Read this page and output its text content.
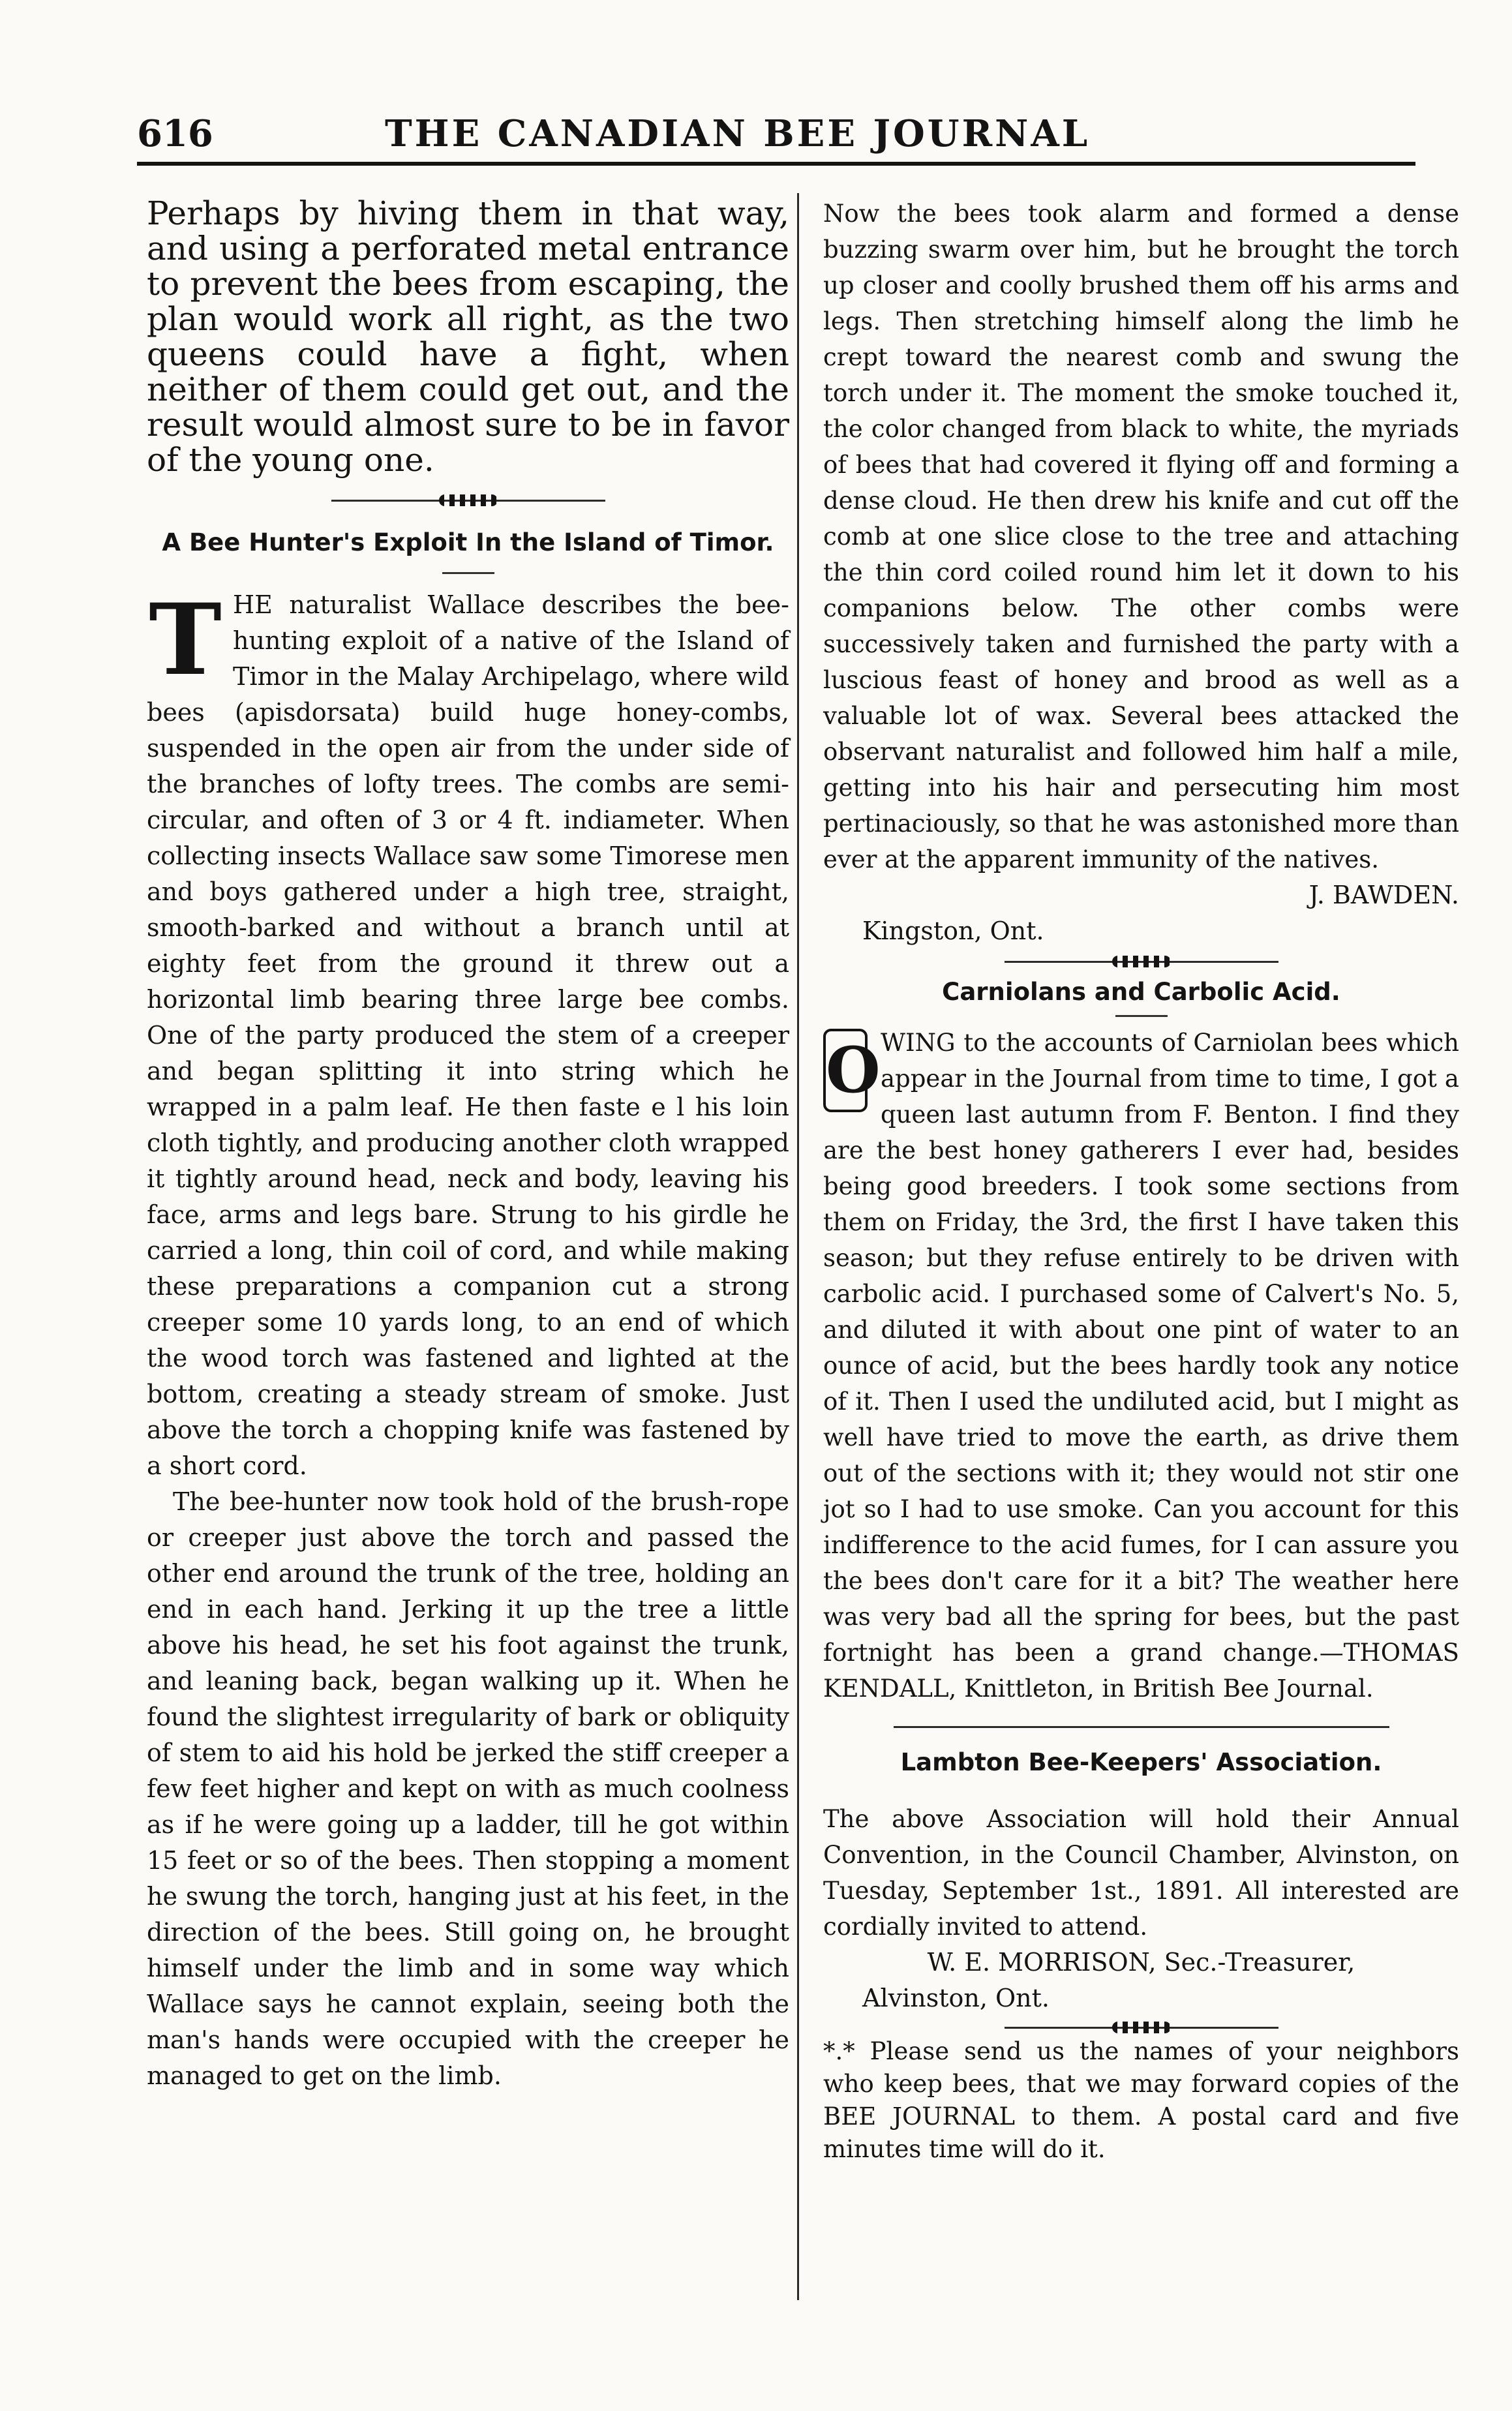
616	THE CANADIAN BEE JOURNAL

Perhaps by hiving them in that way, and using a perforated metal entrance to prevent the bees from escaping, the plan would work all right, as the two queens could have a fight, when neither of them could get out, and the result would almost sure to be in favor of the young one.

A Bee Hunter's Exploit In the Island of Timor.

T HE naturalist Wallace describes the bee-hunting exploit of a native of the Island of Timor in the Malay Archipelago, where wild bees (apisdorsata) build huge honey-combs, suspended in the open air from the under side of the branches of lofty trees. The combs are semi-circular, and often of 3 or 4 ft. indiameter. When collecting insects Wallace saw some Timorese men and boys gathered under a high tree, straight, smooth-barked and without a branch until at eighty feet from the ground it threw out a horizontal limb bearing three large bee combs. One of the party produced the stem of a creeper and began splitting it into string which he wrapped in a palm leaf. He then faste e l his loin cloth tightly, and producing another cloth wrapped it tightly around head, neck and body, leaving his face, arms and legs bare. Strung to his girdle he carried a long, thin coil of cord, and while making these preparations a companion cut a strong creeper some 10 yards long, to an end of which the wood torch was fastened and lighted at the bottom, creating a steady stream of smoke. Just above the torch a chopping knife was fastened by a short cord.

The bee-hunter now took hold of the brush-rope or creeper just above the torch and passed the other end around the trunk of the tree, holding an end in each hand. Jerking it up the tree a little above his head, he set his foot against the trunk, and leaning back, began walking up it. When he found the slightest irregularity of bark or obliquity of stem to aid his hold be jerked the stiff creeper a few feet higher and kept on with as much coolness as if he were going up a ladder, till he got within 15 feet or so of the bees. Then stopping a moment he swung the torch, hanging just at his feet, in the direction of the bees. Still going on, he brought himself under the limb and in some way which Wallace says he cannot explain, seeing both the man's hands were occupied with the creeper he managed to get on the limb.

Now the bees took alarm and formed a dense buzzing swarm over him, but he brought the torch up closer and coolly brushed them off his arms and legs. Then stretching himself along the limb he crept toward the nearest comb and swung the torch under it. The moment the smoke touched it, the color changed from black to white, the myriads of bees that had covered it flying off and forming a dense cloud. He then drew his knife and cut off the comb at one slice close to the tree and attaching the thin cord coiled round him let it down to his companions below. The other combs were successively taken and furnished the party with a luscious feast of honey and brood as well as a valuable lot of wax. Several bees attacked the observant naturalist and followed him half a mile, getting into his hair and persecuting him most pertinaciously, so that he was astonished more than ever at the apparent immunity of the natives.

J. BAWDEN.

Kingston, Ont.

Carniolans and Carbolic Acid.

O WING to the accounts of Carniolan bees which appear in the Journal from time to time, I got a queen last autumn from F. Benton. I find they are the best honey gatherers I ever had, besides being good breeders. I took some sections from them on Friday, the 3rd, the first I have taken this season; but they refuse entirely to be driven with carbolic acid. I purchased some of Calvert's No. 5, and diluted it with about one pint of water to an ounce of acid, but the bees hardly took any notice of it. Then I used the undiluted acid, but I might as well have tried to move the earth, as drive them out of the sections with it; they would not stir one jot so I had to use smoke. Can you account for this indifference to the acid fumes, for I can assure you the bees don't care for it a bit? The weather here was very bad all the spring for bees, but the past fortnight has been a grand change.—THOMAS KENDALL, Knittleton, in British Bee Journal.

Lambton Bee-Keepers' Association.

The above Association will hold their Annual Convention, in the Council Chamber, Alvinston, on Tuesday, September 1st., 1891. All interested are cordially invited to attend.

W. E. MORRISON, Sec.-Treasurer,

Alvinston, Ont.

*.* Please send us the names of your neighbors who keep bees, that we may forward copies of the BEE JOURNAL to them. A postal card and five minutes time will do it.
